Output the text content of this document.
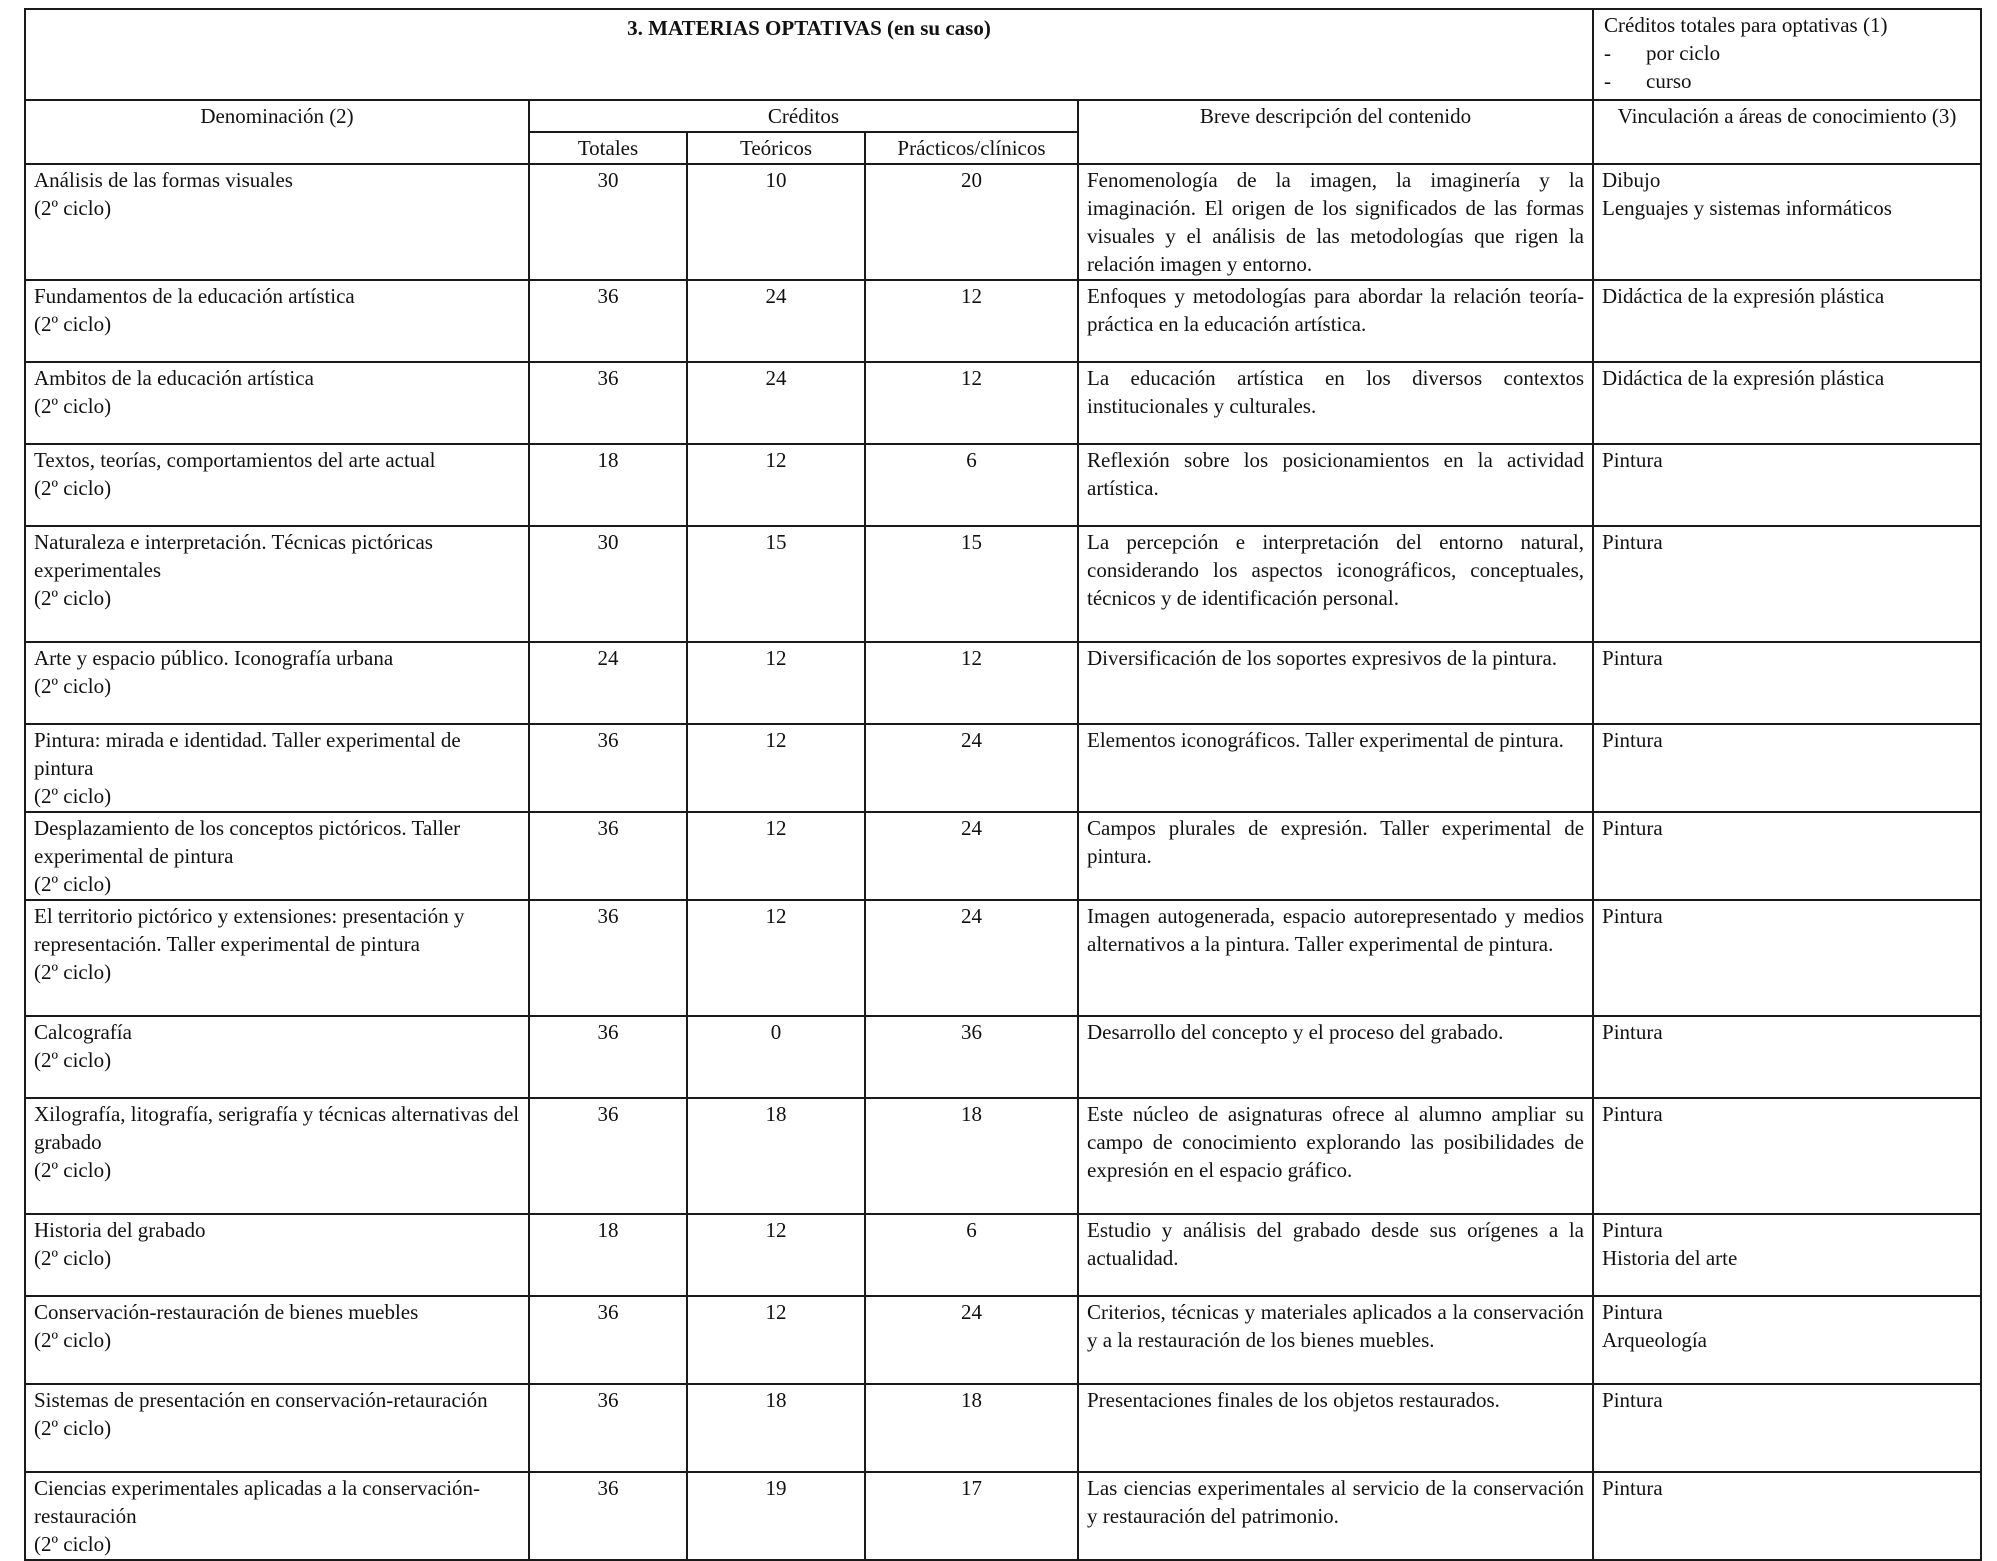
3. MATERIAS OPTATIVAS (en su caso)					Créditos totales para optativas (1)
- por ciclo
- curso

Denominación (2)	Créditos			Breve descripción del contenido	Vinculación a áreas de conocimiento (3)
	Totales	Teóricos	Prácticos/clínicos		

Análisis de las formas visuales
(2º ciclo)	30	10	20	Fenomenología de la imagen, la imaginería y la imaginación. El origen de los significados de las formas visuales y el análisis de las metodologías que rigen la relación imagen y entorno.	Dibujo
Lenguajes y sistemas informáticos

Fundamentos de la educación artística
(2º ciclo)	36	24	12	Enfoques y metodologías para abordar la relación teoría-práctica en la educación artística.	Didáctica de la expresión plástica

Ambitos de la educación artística
(2º ciclo)	36	24	12	La educación artística en los diversos contextos institucionales y culturales.	Didáctica de la expresión plástica

Textos, teorías, comportamientos del arte actual
(2º ciclo)	18	12	6	Reflexión sobre los posicionamientos en la actividad artística.	Pintura

Naturaleza e interpretación. Técnicas pictóricas experimentales
(2º ciclo)	30	15	15	La percepción e interpretación del entorno natural, considerando los aspectos iconográficos, conceptuales, técnicos y de identificación personal.	Pintura

Arte y espacio público. Iconografía urbana
(2º ciclo)	24	12	12	Diversificación de los soportes expresivos de la pintura.	Pintura

Pintura: mirada e identidad. Taller experimental de pintura
(2º ciclo)	36	12	24	Elementos iconográficos. Taller experimental de pintura.	Pintura

Desplazamiento de los conceptos pictóricos. Taller experimental de pintura
(2º ciclo)	36	12	24	Campos plurales de expresión. Taller experimental de pintura.	Pintura

El territorio pictórico y extensiones: presentación y representación. Taller experimental de pintura
(2º ciclo)	36	12	24	Imagen autogenerada, espacio autorepresentado y medios alternativos a la pintura. Taller experimental de pintura.	Pintura

Calcografía
(2º ciclo)	36	0	36	Desarrollo del concepto y el proceso del grabado.	Pintura

Xilografía, litografía, serigrafía y técnicas alternativas del grabado
(2º ciclo)	36	18	18	Este núcleo de asignaturas ofrece al alumno ampliar su campo de conocimiento explorando las posibilidades de expresión en el espacio gráfico.	Pintura

Historia del grabado
(2º ciclo)	18	12	6	Estudio y análisis del grabado desde sus orígenes a la actualidad.	Pintura
Historia del arte

Conservación-restauración de bienes muebles
(2º ciclo)	36	12	24	Criterios, técnicas y materiales aplicados a la conservación y a la restauración de los bienes muebles.	Pintura
Arqueología

Sistemas de presentación en conservación-retauración
(2º ciclo)	36	18	18	Presentaciones finales de los objetos restaurados.	Pintura

Ciencias experimentales aplicadas a la conservación-restauración
(2º ciclo)	36	19	17	Las ciencias experimentales al servicio de la conservación y restauración del patrimonio.	Pintura
